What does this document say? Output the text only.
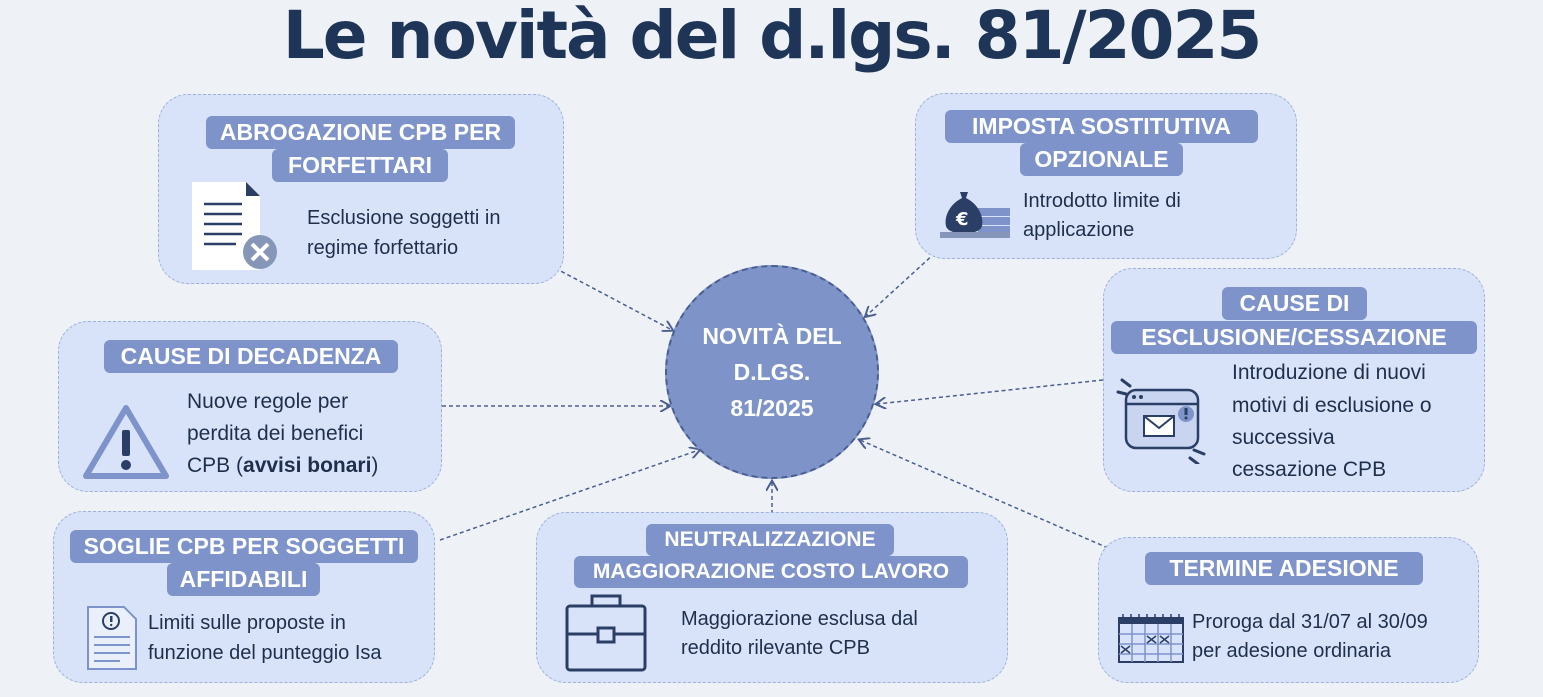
Le novità del d.lgs. 81/2025
NOVITÀ DEL
D.LGS.
81/2025
ABROGAZIONE CPB PER
FORFETTARI
Esclusione soggetti in
regime forfettario
IMPOSTA SOSTITUTIVA
OPZIONALE
€
Introdotto limite di
applicazione
CAUSE DI DECADENZA
Nuove regole per
perdita dei benefici
CPB (avvisi bonari)
CAUSE DI
ESCLUSIONE/CESSAZIONE
Introduzione di nuovi
motivi di esclusione o
successiva
cessazione CPB
SOGLIE CPB PER SOGGETTI
AFFIDABILI
Limiti sulle proposte in
funzione del punteggio Isa
NEUTRALIZZAZIONE
MAGGIORAZIONE COSTO LAVORO
Maggiorazione esclusa dal
reddito rilevante CPB
TERMINE ADESIONE
Proroga dal 31/07 al 30/09
per adesione ordinaria
